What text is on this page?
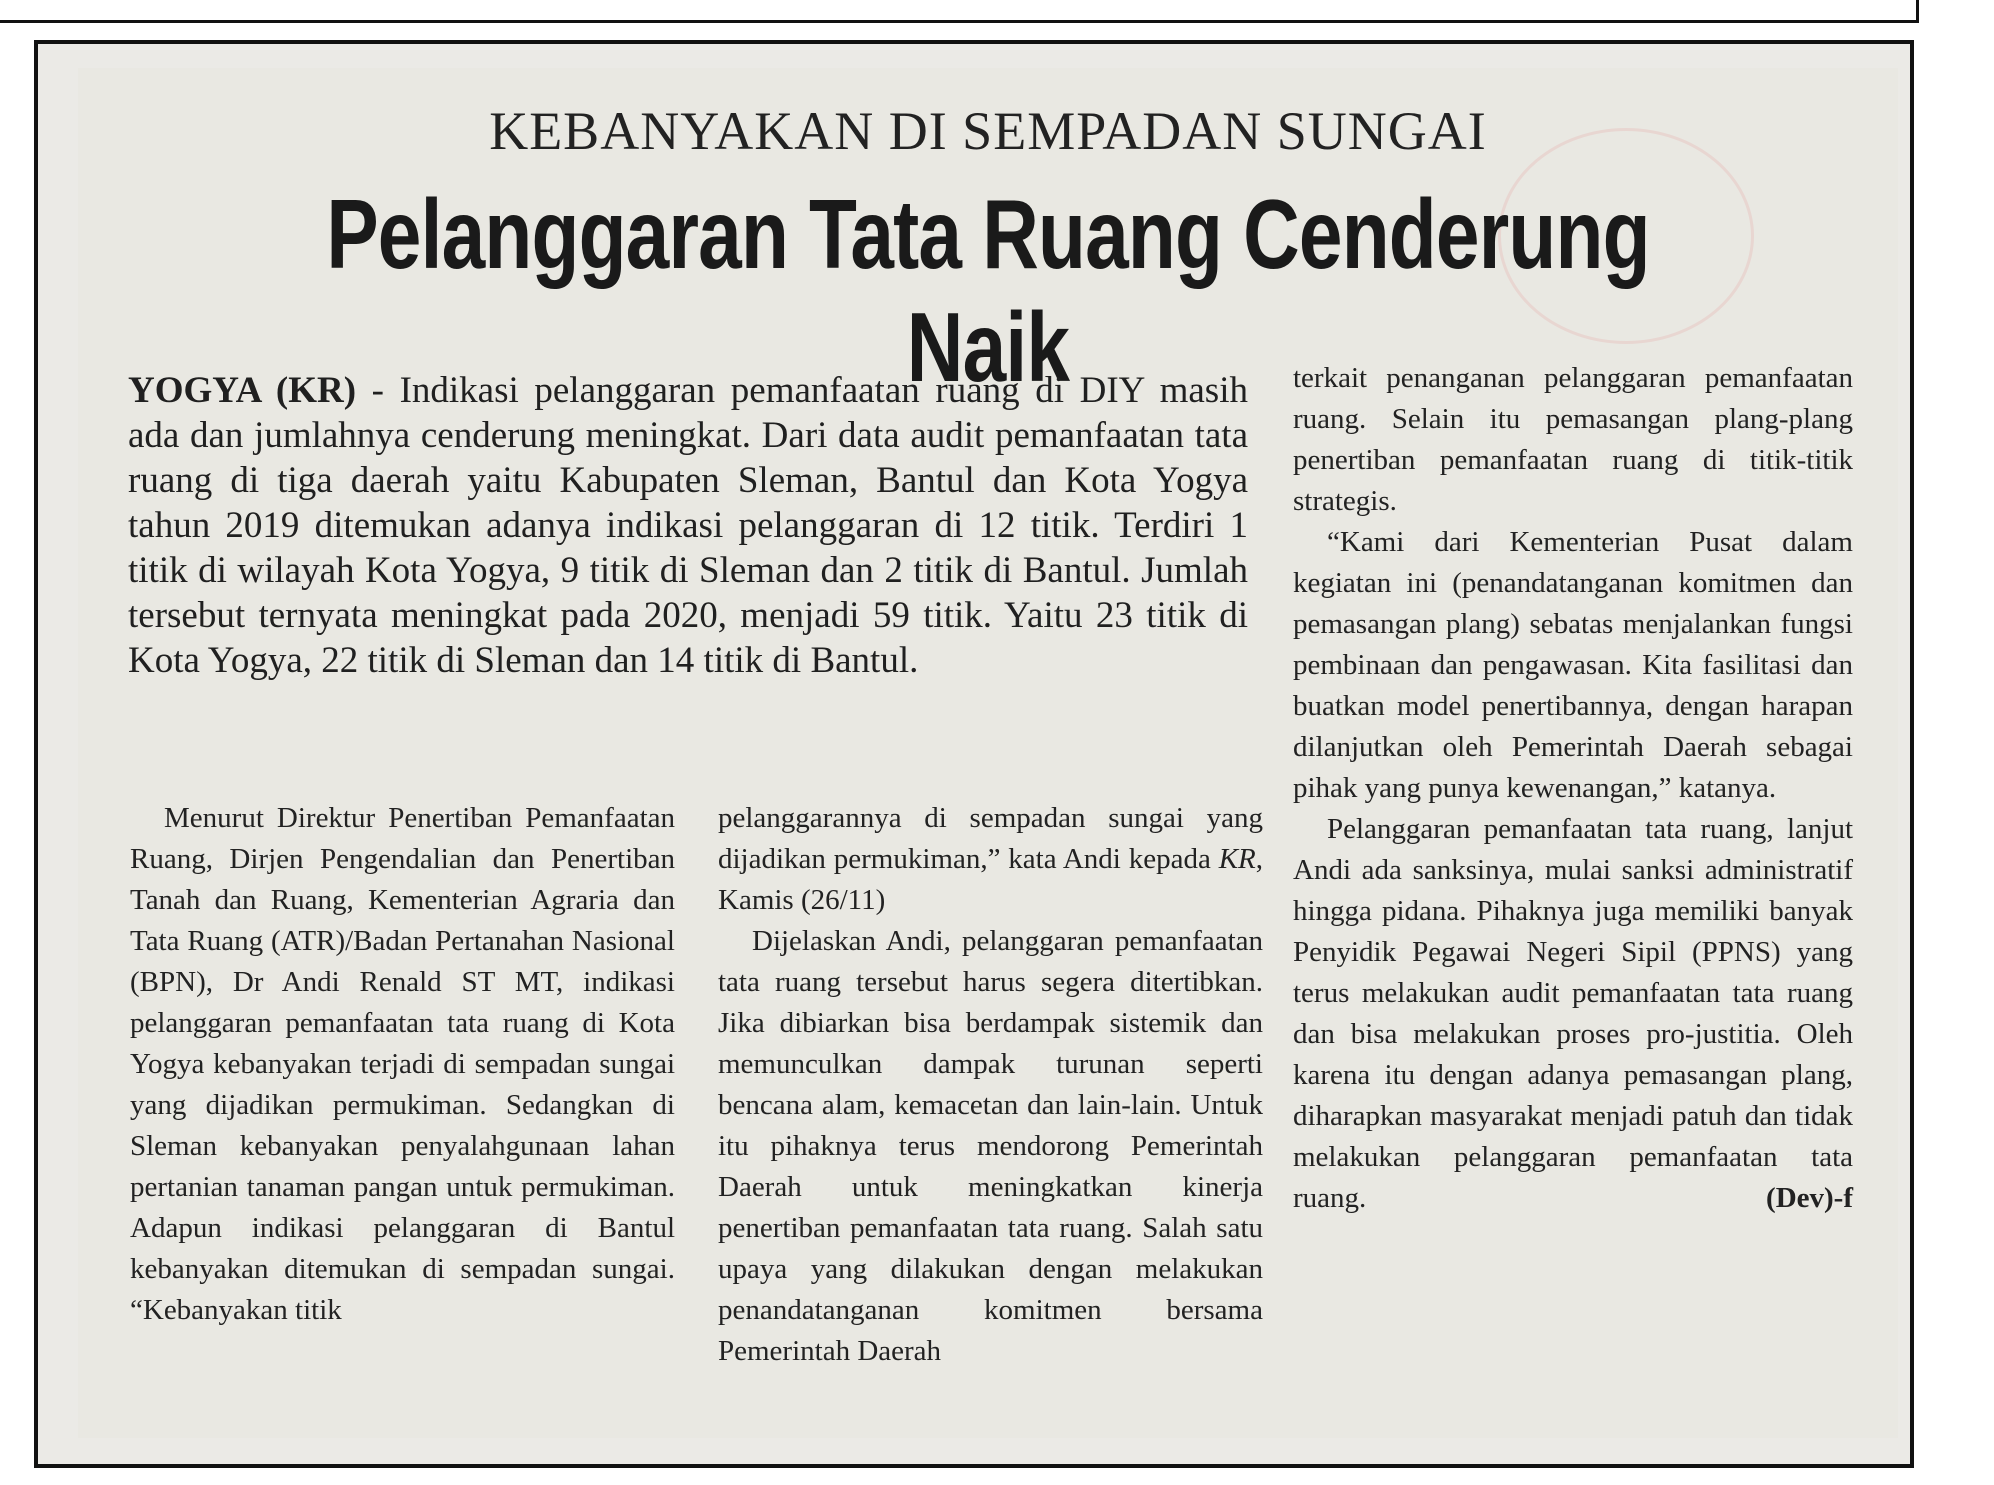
KEBANYAKAN DI SEMPADAN SUNGAI
Pelanggaran Tata Ruang Cenderung Naik
YOGYA (KR) - Indikasi pelanggaran pemanfaatan ruang di DIY masih ada dan jumlahnya cenderung meningkat. Dari data audit pemanfaatan tata ruang di tiga daerah yaitu Kabupaten Sleman, Bantul dan Kota Yogya tahun 2019 ditemukan adanya indikasi pelanggaran di 12 titik. Terdiri 1 titik di wilayah Kota Yogya, 9 titik di Sleman dan 2 titik di Bantul. Jumlah tersebut ternyata meningkat pada 2020, menjadi 59 titik. Yaitu 23 titik di Kota Yogya, 22 titik di Sleman dan 14 titik di Bantul.

Menurut Direktur Penertiban Pemanfaatan Ruang, Dirjen Pengendalian dan Penertiban Tanah dan Ruang, Kementerian Agraria dan Tata Ruang (ATR)/Badan Pertanahan Nasional (BPN), Dr Andi Renald ST MT, indikasi pelanggaran pemanfaatan tata ruang di Kota Yogya kebanyakan terjadi di sempadan sungai yang dijadikan permukiman. Sedangkan di Sleman kebanyakan penyalahgunaan lahan pertanian tanaman pangan untuk permukiman. Adapun indikasi pelanggaran di Bantul kebanyakan ditemukan di sempadan sungai. “Kebanyakan titik

pelanggarannya di sempadan sungai yang dijadikan permukiman,” kata Andi kepada KR, Kamis (26/11)

Dijelaskan Andi, pelanggaran pemanfaatan tata ruang tersebut harus segera ditertibkan. Jika dibiarkan bisa berdampak sistemik dan memunculkan dampak turunan seperti bencana alam, kemacetan dan lain-lain. Untuk itu pihaknya terus mendorong Pemerintah Daerah untuk meningkatkan kinerja penertiban pemanfaatan tata ruang. Salah satu upaya yang dilakukan dengan melakukan penandatanganan komitmen bersama Pemerintah Daerah

terkait penanganan pelanggaran pemanfaatan ruang. Selain itu pemasangan plang-plang penertiban pemanfaatan ruang di titik-titik strategis.

“Kami dari Kementerian Pusat dalam kegiatan ini (penandatanganan komitmen dan pemasangan plang) sebatas menjalankan fungsi pembinaan dan pengawasan. Kita fasilitasi dan buatkan model penertibannya, dengan harapan dilanjutkan oleh Pemerintah Daerah sebagai pihak yang punya kewenangan,” katanya.

Pelanggaran pemanfaatan tata ruang, lanjut Andi ada sanksinya, mulai sanksi administratif hingga pidana. Pihaknya juga memiliki banyak Penyidik Pegawai Negeri Sipil (PPNS) yang terus melakukan audit pemanfaatan tata ruang dan bisa melakukan proses pro-justitia. Oleh karena itu dengan adanya pemasangan plang, diharapkan masyarakat menjadi patuh dan tidak melakukan pelanggaran pemanfaatan tata ruang.	(Dev)-f
